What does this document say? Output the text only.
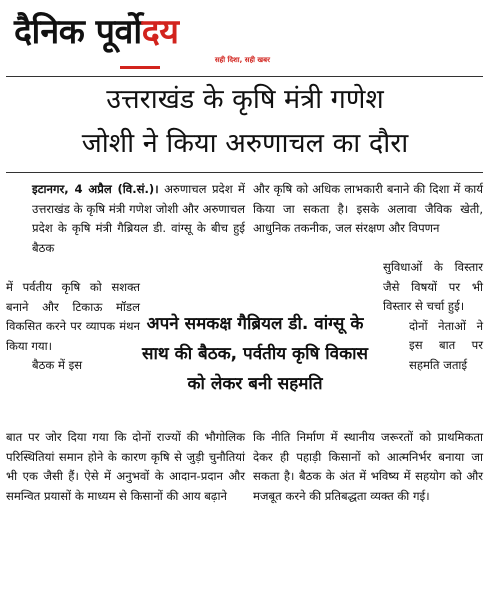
दैनिक पूर्वोदय
सही दिशा, सही खबर
उत्तराखंड के कृषि मंत्री गणेश
जोशी ने किया अरुणाचल का दौरा

इटानगर, 4 अप्रैल (वि.सं.)। अरुणाचल प्रदेश में उत्तराखंड के कृषि मंत्री गणेश जोशी और अरुणाचल प्रदेश के कृषि मंत्री गैब्रियल डी. वांग्सू के बीच हुई बैठक

में पर्वतीय कृषि को सशक्त बनाने और टिकाऊ मॉडल विकसित करने पर व्यापक मंथन किया गया।

बैठक में इस

और कृषि को अधिक लाभकारी बनाने की दिशा में कार्य किया जा सकता है। इसके अलावा जैविक खेती, आधुनिक तकनीक, जल संरक्षण और विपणन

सुविधाओं के विस्तार जैसे विषयों पर भी विस्तार से चर्चा हुई।

दोनों नेताओं ने इस बात पर सहमति जताई

अपने समकक्ष गैब्रियल डी. वांग्सू के साथ की बैठक, पर्वतीय कृषि विकास को लेकर बनी सहमति

बात पर जोर दिया गया कि दोनों राज्यों की भौगोलिक परिस्थितियां समान होने के कारण कृषि से जुड़ी चुनौतियां भी एक जैसी हैं। ऐसे में अनुभवों के आदान-प्रदान और समन्वित प्रयासों के माध्यम से किसानों की आय बढ़ाने

कि नीति निर्माण में स्थानीय जरूरतों को प्राथमिकता देकर ही पहाड़ी किसानों को आत्मनिर्भर बनाया जा सकता है। बैठक के अंत में भविष्य में सहयोग को और मजबूत करने की प्रतिबद्धता व्यक्त की गई।
